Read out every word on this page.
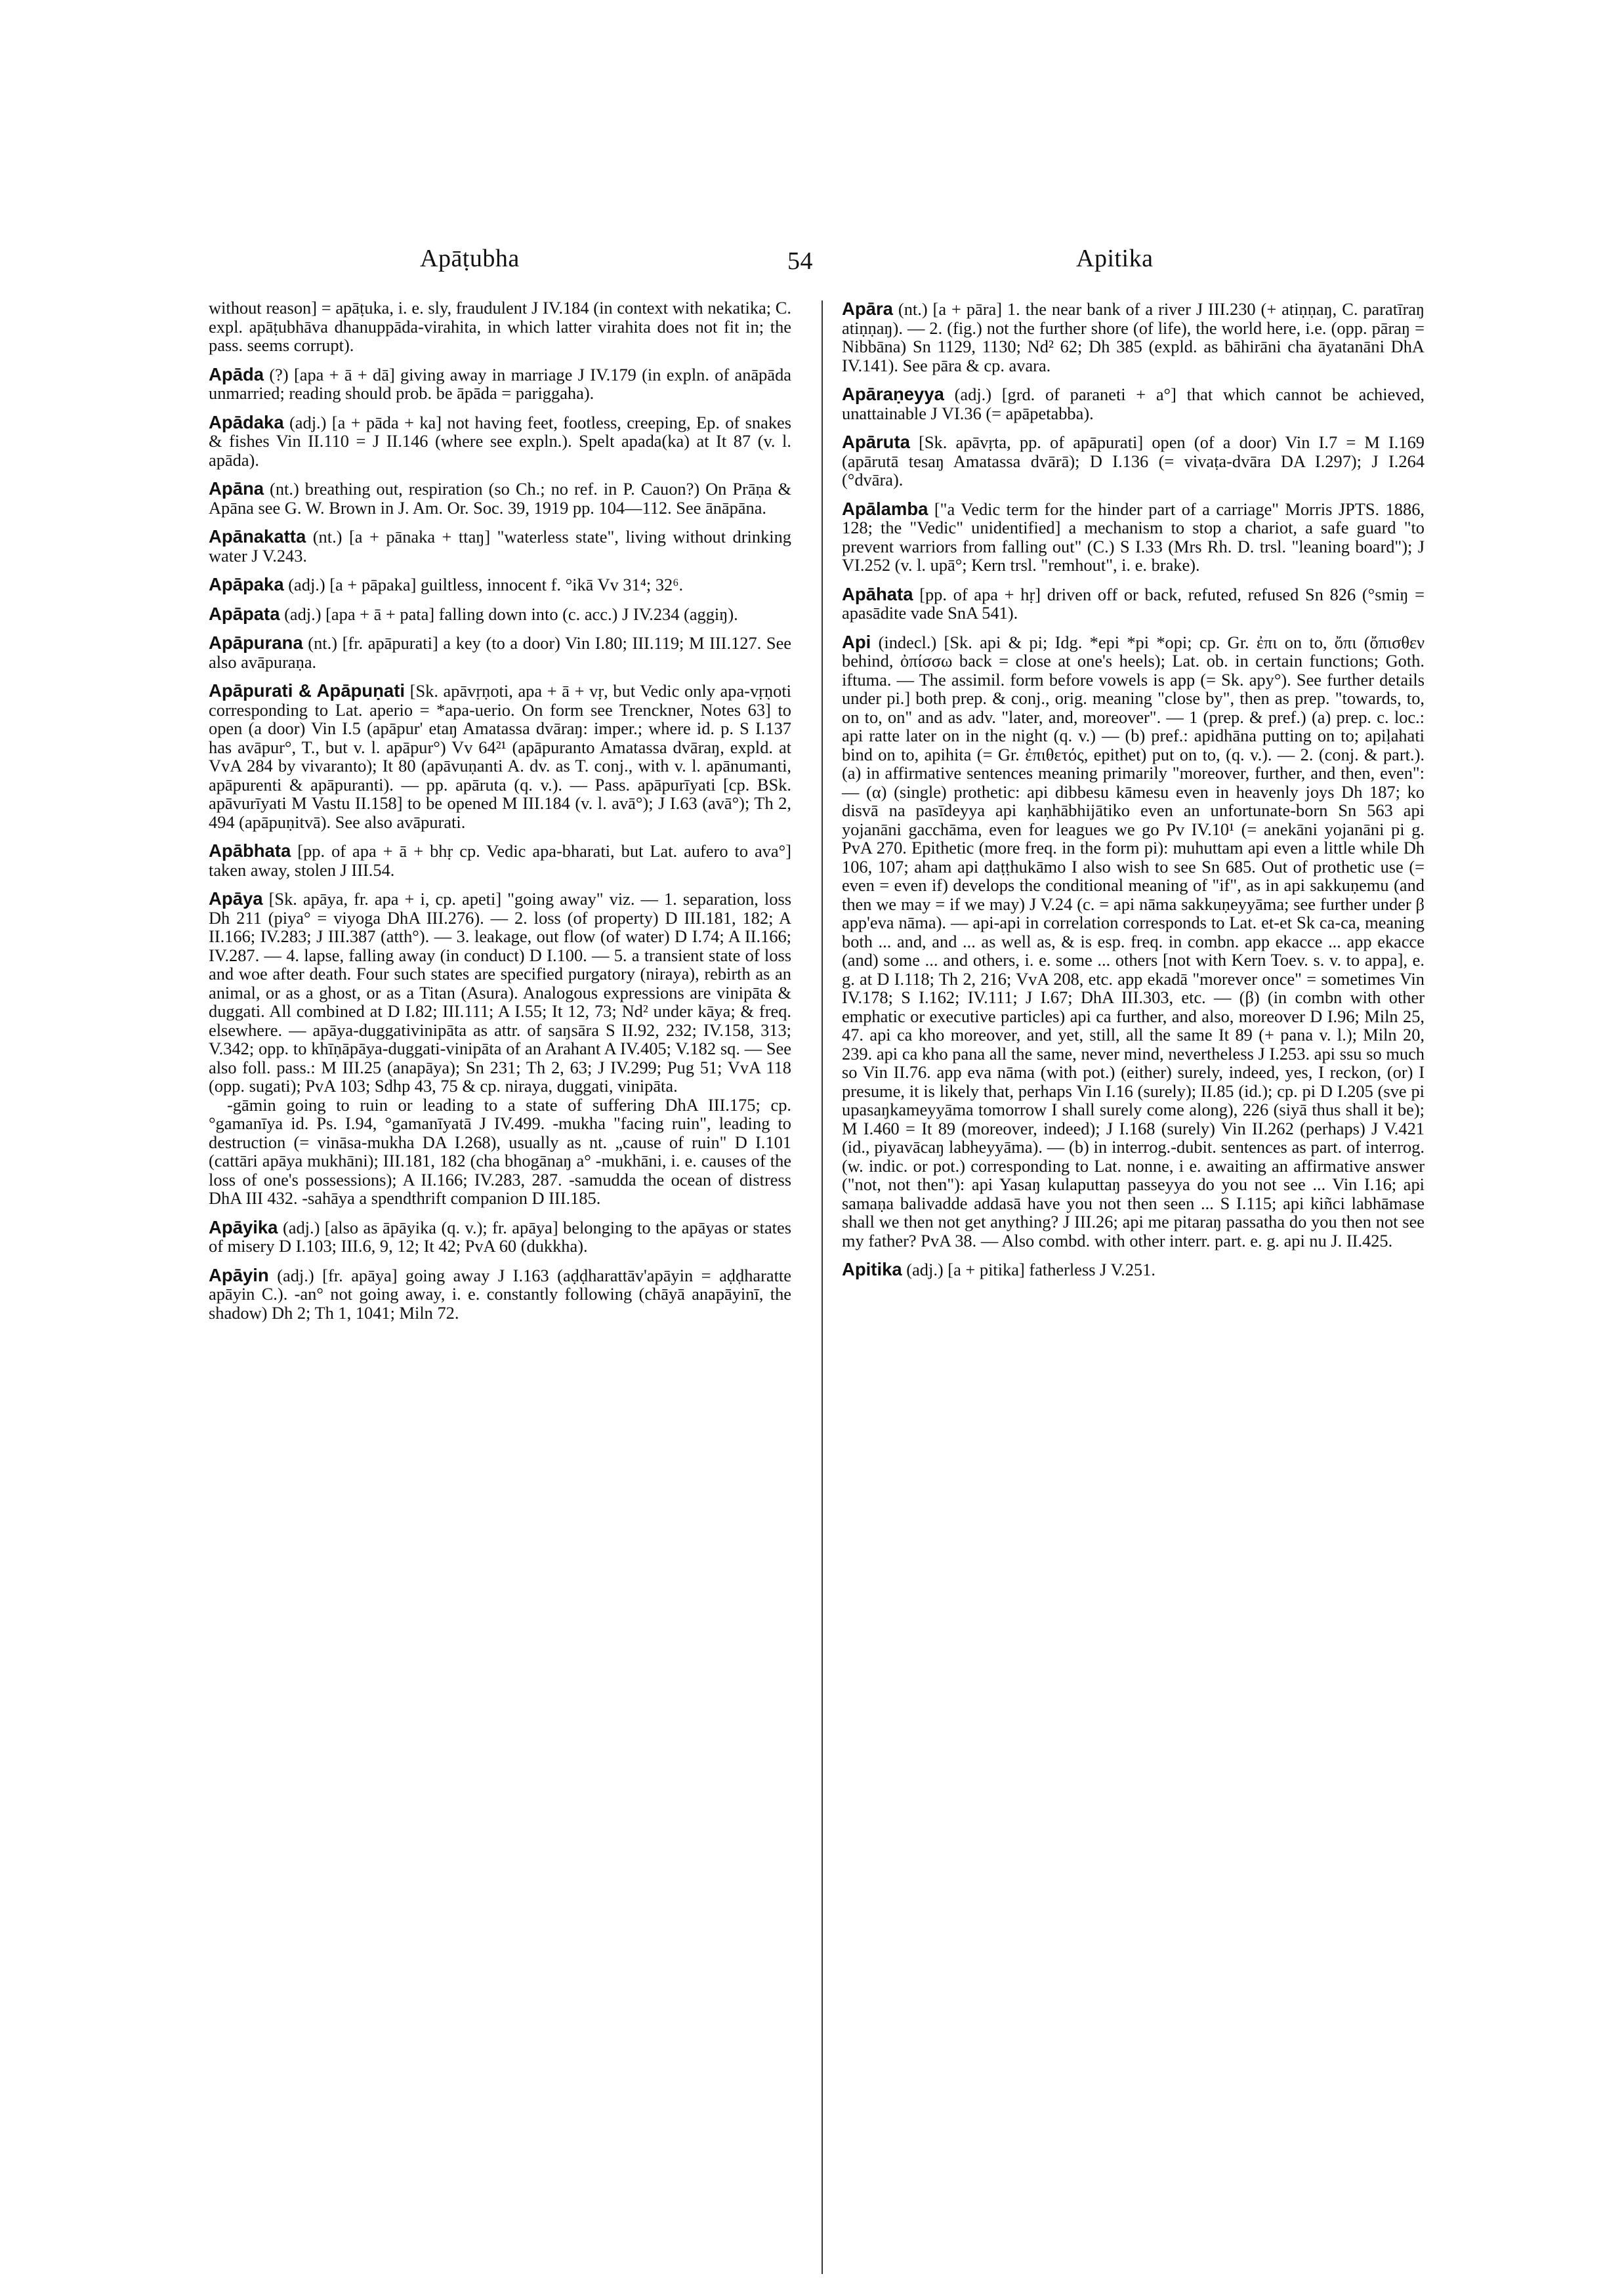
Apāṭubha	54	Apitika

without reason] = apāṭuka, i. e. sly, fraudulent J IV.184 (in context with nekatika; C. expl. apāṭubhāva dhanuppāda-virahita, in which latter virahita does not fit in; the pass. seems corrupt).

Apāda (?) [apa + ā + dā] giving away in marriage J IV.179 (in expln. of anāpāda unmarried; reading should prob. be āpāda = pariggaha).

Apādaka (adj.) [a + pāda + ka] not having feet, footless, creeping, Ep. of snakes & fishes Vin II.110 = J II.146 (where see expln.). Spelt apada(ka) at It 87 (v. l. apāda).

Apāna (nt.) breathing out, respiration (so Ch.; no ref. in P. Cauon?) On Prāṇa & Apāna see G. W. Brown in J. Am. Or. Soc. 39, 1919 pp. 104—112. See ānāpāna.

Apānakatta (nt.) [a + pānaka + ttaŋ] "waterless state", living without drinking water J V.243.

Apāpaka (adj.) [a + pāpaka] guiltless, innocent f. °ikā Vv 31⁴; 32⁶.

Apāpata (adj.) [apa + ā + pata] falling down into (c. acc.) J IV.234 (aggiŋ).

Apāpurana (nt.) [fr. apāpurati] a key (to a door) Vin I.80; III.119; M III.127. See also avāpuraṇa.

Apāpurati & Apāpuṇati [Sk. apāvṛṇoti, apa + ā + vṛ, but Vedic only apa-vṛṇoti corresponding to Lat. aperio = *apa-uerio. On form see Trenckner, Notes 63] to open (a door) Vin I.5 (apāpur' etaŋ Amatassa dvāraŋ: imper.; where id. p. S I.137 has avāpur°, T., but v. l. apāpur°) Vv 64²¹ (apāpuranto Amatassa dvāraŋ, expld. at VvA 284 by vivaranto); It 80 (apāvuṇanti A. dv. as T. conj., with v. l. apānumanti, apāpurenti & apāpuranti). — pp. apāruta (q. v.). — Pass. apāpurīyati [cp. BSk. apāvurīyati M Vastu II.158] to be opened M III.184 (v. l. avā°); J I.63 (avā°); Th 2, 494 (apāpuṇitvā). See also avāpurati.

Apābhata [pp. of apa + ā + bhṛ cp. Vedic apa-bharati, but Lat. aufero to ava°] taken away, stolen J III.54.

Apāya [Sk. apāya, fr. apa + i, cp. apeti] "going away" viz. — 1. separation, loss Dh 211 (piya° = viyoga DhA III.276). — 2. loss (of property) D III.181, 182; A II.166; IV.283; J III.387 (atth°). — 3. leakage, out flow (of water) D I.74; A II.166; IV.287. — 4. lapse, falling away (in conduct) D I.100. — 5. a transient state of loss and woe after death. Four such states are specified purgatory (niraya), rebirth as an animal, or as a ghost, or as a Titan (Asura). Analogous expressions are vinipāta & duggati. All combined at D I.82; III.111; A I.55; It 12, 73; Nd² under kāya; & freq. elsewhere. — apāya-duggativinipāta as attr. of saŋsāra S II.92, 232; IV.158, 313; V.342; opp. to khīṇāpāya-duggati-vinipāta of an Arahant A IV.405; V.182 sq. — See also foll. pass.: M III.25 (anapāya); Sn 231; Th 2, 63; J IV.299; Pug 51; VvA 118 (opp. sugati); PvA 103; Sdhp 43, 75 & cp. niraya, duggati, vinipāta.

-gāmin going to ruin or leading to a state of suffering DhA III.175; cp. °gamanīya id. Ps. I.94, °gamanīyatā J IV.499. -mukha "facing ruin", leading to destruction (= vināsa-mukha DA I.268), usually as nt. „cause of ruin" D I.101 (cattāri apāya mukhāni); III.181, 182 (cha bhogānaŋ a° -mukhāni, i. e. causes of the loss of one's possessions); A II.166; IV.283, 287. -samudda the ocean of distress DhA III 432. -sahāya a spendthrift companion D III.185.

Apāyika (adj.) [also as āpāyika (q. v.); fr. apāya] belonging to the apāyas or states of misery D I.103; III.6, 9, 12; It 42; PvA 60 (dukkha).

Apāyin (adj.) [fr. apāya] going away J I.163 (aḍḍharattāv'apāyin = aḍḍharatte apāyin C.). -an° not going away, i. e. constantly following (chāyā anapāyinī, the shadow) Dh 2; Th 1, 1041; Miln 72.

Apāra (nt.) [a + pāra] 1. the near bank of a river J III.230 (+ atiṇṇaŋ, C. paratīraŋ atiṇṇaŋ). — 2. (fig.) not the further shore (of life), the world here, i.e. (opp. pāraŋ = Nibbāna) Sn 1129, 1130; Nd² 62; Dh 385 (expld. as bāhirāni cha āyatanāni DhA IV.141). See pāra & cp. avara.

Apāraṇeyya (adj.) [grd. of paraneti + a°] that which cannot be achieved, unattainable J VI.36 (= apāpetabba).

Apāruta [Sk. apāvṛta, pp. of apāpurati] open (of a door) Vin I.7 = M I.169 (apārutā tesaŋ Amatassa dvārā); D I.136 (= vivaṭa-dvāra DA I.297); J I.264 (°dvāra).

Apālamba ["a Vedic term for the hinder part of a carriage" Morris JPTS. 1886, 128; the "Vedic" unidentified] a mechanism to stop a chariot, a safe guard "to prevent warriors from falling out" (C.) S I.33 (Mrs Rh. D. trsl. "leaning board"); J VI.252 (v. l. upā°; Kern trsl. "remhout", i. e. brake).

Apāhata [pp. of apa + hṛ] driven off or back, refuted, refused Sn 826 (°smiŋ = apasādite vade SnA 541).

Api (indecl.) [Sk. api & pi; Idg. *epi *pi *opi; cp. Gr. ἐπι on to, ὄπι (ὄπισθεν behind, ὀπίσσω back = close at one's heels); Lat. ob. in certain functions; Goth. iftuma. — The assimil. form before vowels is app (= Sk. apy°). See further details under pi.] both prep. & conj., orig. meaning "close by", then as prep. "towards, to, on to, on" and as adv. "later, and, moreover". — 1 (prep. & pref.) (a) prep. c. loc.: api ratte later on in the night (q. v.) — (b) pref.: apidhāna putting on to; apiḷahati bind on to, apihita (= Gr. ἐπιθετός, epithet) put on to, (q. v.). — 2. (conj. & part.). (a) in affirmative sentences meaning primarily "moreover, further, and then, even": — (α) (single) prothetic: api dibbesu kāmesu even in heavenly joys Dh 187; ko disvā na pasīdeyya api kaṇhābhijātiko even an unfortunate-born Sn 563 api yojanāni gacchāma, even for leagues we go Pv IV.10¹ (= anekāni yojanāni pi g. PvA 270. Epithetic (more freq. in the form pi): muhuttam api even a little while Dh 106, 107; aham api daṭṭhukāmo I also wish to see Sn 685. Out of prothetic use (= even = even if) develops the conditional meaning of "if", as in api sakkuṇemu (and then we may = if we may) J V.24 (c. = api nāma sakkuṇeyyāma; see further under β app'eva nāma). — api-api in correlation corresponds to Lat. et-et Sk ca-ca, meaning both ... and, and ... as well as, & is esp. freq. in combn. app ekacce ... app ekacce (and) some ... and others, i. e. some ... others [not with Kern Toev. s. v. to appa], e. g. at D I.118; Th 2, 216; VvA 208, etc. app ekadā "morever once" = sometimes Vin IV.178; S I.162; IV.111; J I.67; DhA III.303, etc. — (β) (in combn with other emphatic or executive particles) api ca further, and also, moreover D I.96; Miln 25, 47. api ca kho moreover, and yet, still, all the same It 89 (+ pana v. l.); Miln 20, 239. api ca kho pana all the same, never mind, nevertheless J I.253. api ssu so much so Vin II.76. app eva nāma (with pot.) (either) surely, indeed, yes, I reckon, (or) I presume, it is likely that, perhaps Vin I.16 (surely); II.85 (id.); cp. pi D I.205 (sve pi upasaŋkameyyāma tomorrow I shall surely come along), 226 (siyā thus shall it be); M I.460 = It 89 (moreover, indeed); J I.168 (surely) Vin II.262 (perhaps) J V.421 (id., piyavācaŋ labheyyāma). — (b) in interrog.-dubit. sentences as part. of interrog. (w. indic. or pot.) corresponding to Lat. nonne, i e. awaiting an affirmative answer ("not, not then"): api Yasaŋ kulaputtaŋ passeyya do you not see ... Vin I.16; api samaṇa balivadde addasā have you not then seen ... S I.115; api kiñci labhāmase shall we then not get anything? J III.26; api me pitaraŋ passatha do you then not see my father? PvA 38. — Also combd. with other interr. part. e. g. api nu J. II.425.

Apitika (adj.) [a + pitika] fatherless J V.251.
